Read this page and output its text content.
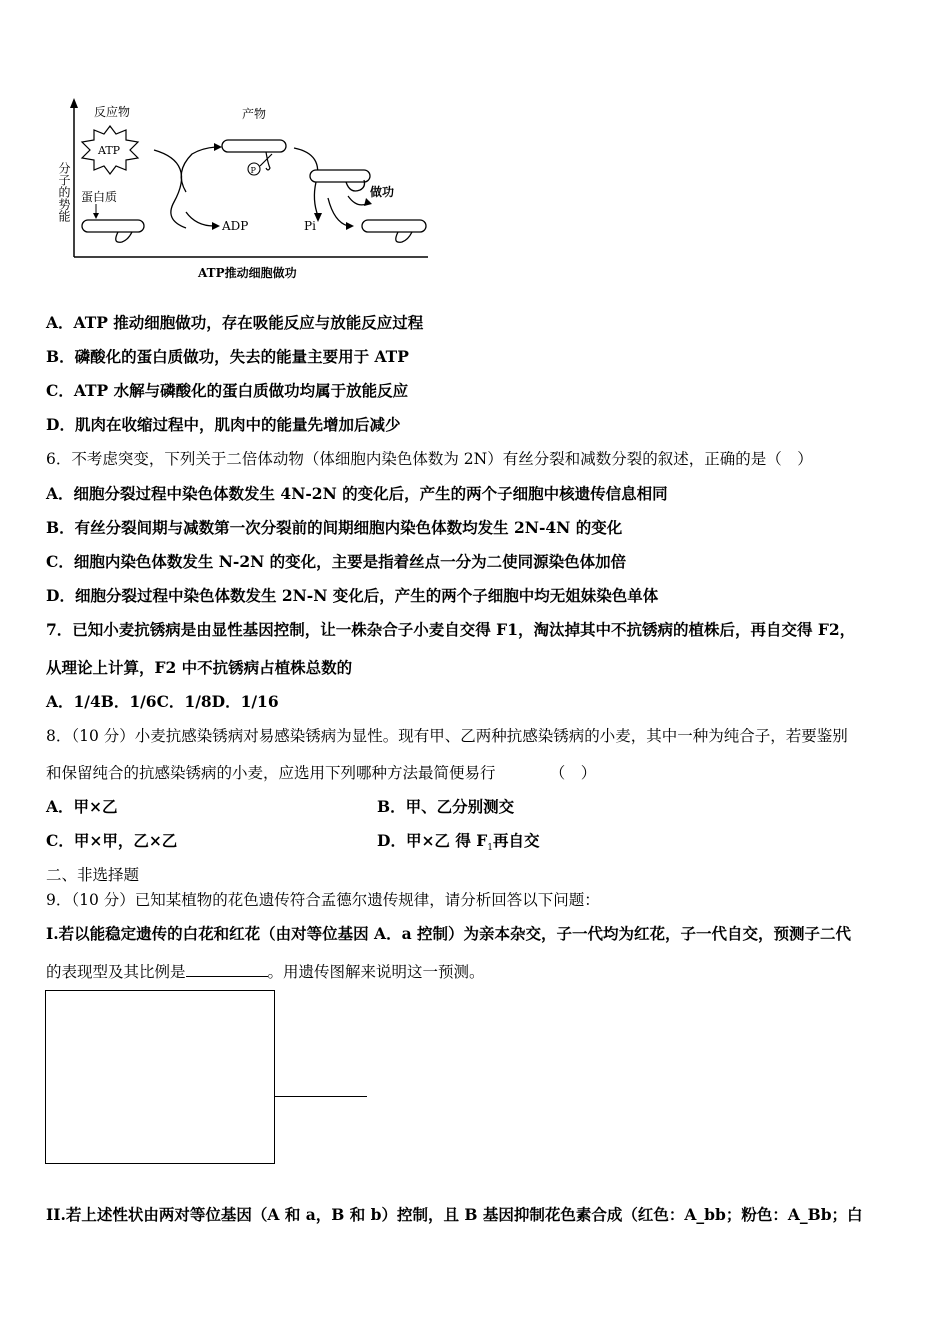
分子的势能
反应物
ATP
蛋白质
ADP
产物
P
Pi
做功
ATP推动细胞做功
A．ATP 推动细胞做功，存在吸能反应与放能反应过程
B．磷酸化的蛋白质做功，失去的能量主要用于 ATP
C．ATP 水解与磷酸化的蛋白质做功均属于放能反应
D．肌肉在收缩过程中，肌肉中的能量先增加后减少
6．不考虑突变，下列关于二倍体动物（体细胞内染色体数为 2N）有丝分裂和减数分裂的叙述，正确的是（　）
A．细胞分裂过程中染色体数发生 4N-2N 的变化后，产生的两个子细胞中核遗传信息相同
B．有丝分裂间期与减数第一次分裂前的间期细胞内染色体数均发生 2N-4N 的变化
C．细胞内染色体数发生 N-2N 的变化，主要是指着丝点一分为二使同源染色体加倍
D．细胞分裂过程中染色体数发生 2N-N 变化后，产生的两个子细胞中均无姐妹染色单体
7．已知小麦抗锈病是由显性基因控制，让一株杂合子小麦自交得 F1，淘汰掉其中不抗锈病的植株后，再自交得 F2，
从理论上计算，F2 中不抗锈病占植株总数的
A．1/4B．1/6C．1/8D．1/16
8．（10 分）小麦抗感染锈病对易感染锈病为显性。现有甲、乙两种抗感染锈病的小麦，其中一种为纯合子，若要鉴别
和保留纯合的抗感染锈病的小麦，应选用下列哪种方法最简便易行　　　　（　）
A．甲×乙	B．甲、乙分别测交
C．甲×甲，乙×乙	D．甲×乙 得 $F_1$再自交
二、非选择题
9．（10 分）已知某植物的花色遗传符合孟德尔遗传规律，请分析回答以下问题：
I.若以能稳定遗传的白花和红花（由对等位基因 A．a 控制）为亲本杂交，子一代均为红花，子一代自交，预测子二代
的表现型及其比例是	。用遗传图解来说明这一预测。
II.若上述性状由两对等位基因（A 和 a，B 和 b）控制，且 B 基因抑制花色素合成（红色：A_bb；粉色：A_Bb；白
